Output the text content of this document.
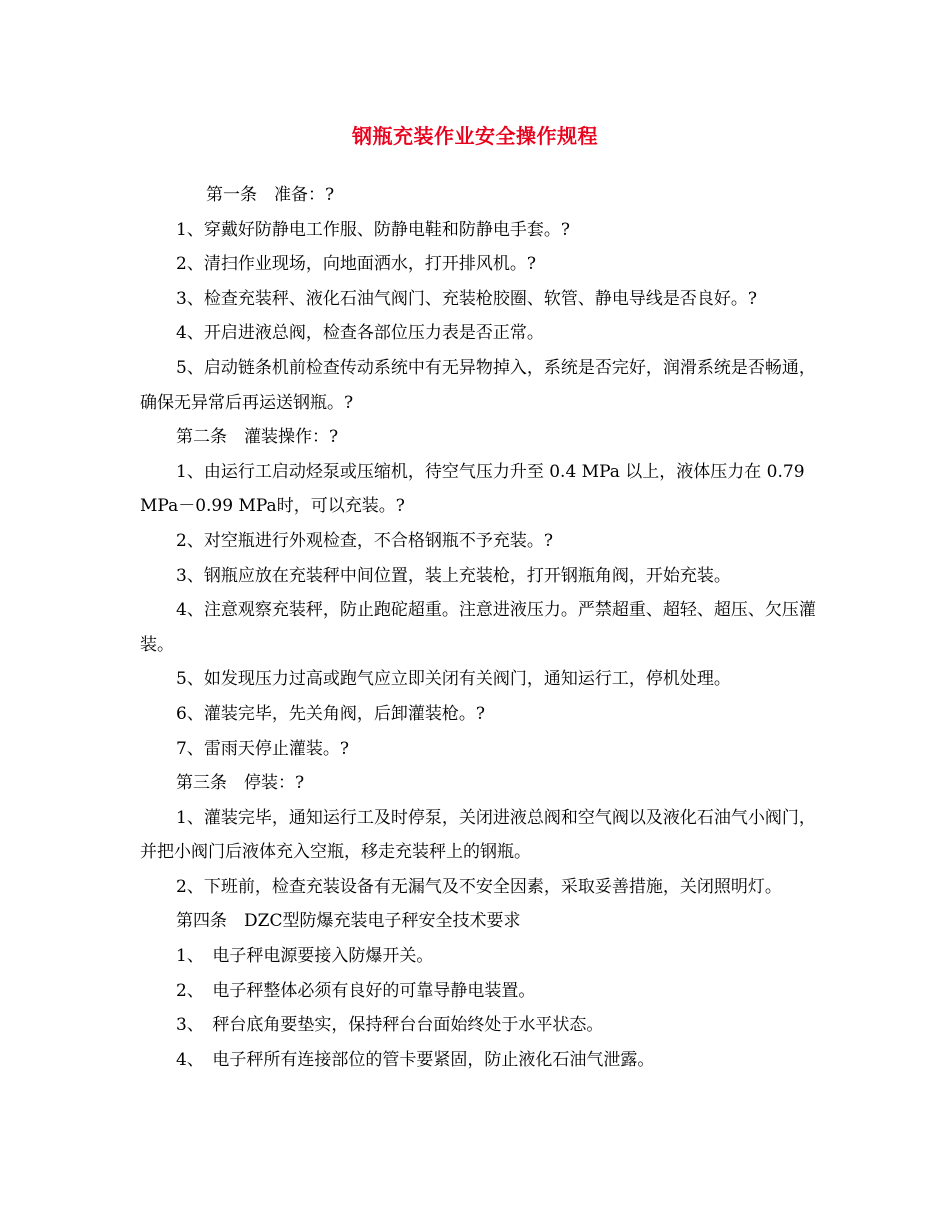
钢瓶充装作业安全操作规程

第一条　准备：?

1、穿戴好防静电工作服、防静电鞋和防静电手套。?

2、清扫作业现场，向地面洒水，打开排风机。?

3、检查充装秤、液化石油气阀门、充装枪胶圈、软管、静电导线是否良好。?

4、开启进液总阀，检查各部位压力表是否正常。

5、启动链条机前检查传动系统中有无异物掉入，系统是否完好，润滑系统是否畅通，确保无异常后再运送钢瓶。?

第二条　灌装操作：?

1、由运行工启动烃泵或压缩机，待空气压力升至 0.4 MPa 以上，液体压力在 0.79MPa－0.99 MPa时，可以充装。?

2、对空瓶进行外观检查，不合格钢瓶不予充装。?

3、钢瓶应放在充装秤中间位置，装上充装枪，打开钢瓶角阀，开始充装。

4、注意观察充装秤，防止跑砣超重。注意进液压力。严禁超重、超轻、超压、欠压灌装。

5、如发现压力过高或跑气应立即关闭有关阀门，通知运行工，停机处理。

6、灌装完毕，先关角阀，后卸灌装枪。?

7、雷雨天停止灌装。?

第三条　停装：?

1、灌装完毕，通知运行工及时停泵，关闭进液总阀和空气阀以及液化石油气小阀门，并把小阀门后液体充入空瓶，移走充装秤上的钢瓶。

2、下班前，检查充装设备有无漏气及不安全因素，采取妥善措施，关闭照明灯。

第四条　DZC型防爆充装电子秤安全技术要求

1、　电子秤电源要接入防爆开关。

2、　电子秤整体必须有良好的可靠导静电装置。

3、　秤台底角要垫实，保持秤台台面始终处于水平状态。

4、　电子秤所有连接部位的管卡要紧固，防止液化石油气泄露。
